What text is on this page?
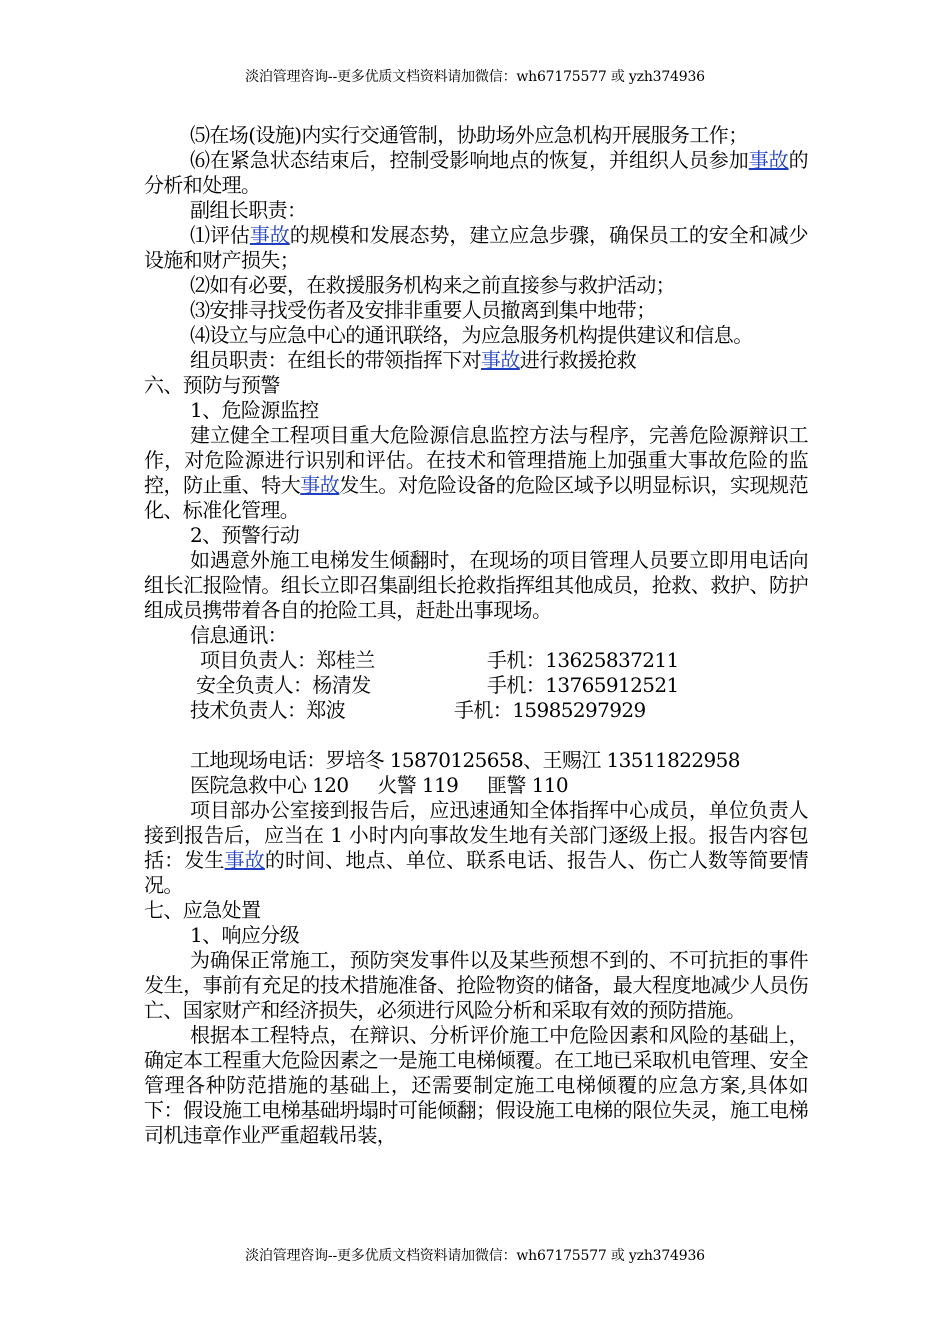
淡泊管理咨询--更多优质文档资料请加微信：wh67175577 或 yzh374936

⑸在场(设施)内实行交通管制，协助场外应急机构开展服务工作；

⑹在紧急状态结束后，控制受影响地点的恢复，并组织人员参加事故的分析和处理。

副组长职责：

⑴评估事故的规模和发展态势，建立应急步骤，确保员工的安全和减少设施和财产损失；

⑵如有必要，在救援服务机构来之前直接参与救护活动；

⑶安排寻找受伤者及安排非重要人员撤离到集中地带；

⑷设立与应急中心的通讯联络，为应急服务机构提供建议和信息。

组员职责：在组长的带领指挥下对事故进行救援抢救

六、预防与预警

1、危险源监控

建立健全工程项目重大危险源信息监控方法与程序，完善危险源辩识工作，对危险源进行识别和评估。在技术和管理措施上加强重大事故危险的监控，防止重、特大事故发生。对危险设备的危险区域予以明显标识，实现规范化、标准化管理。

2、预警行动

如遇意外施工电梯发生倾翻时，在现场的项目管理人员要立即用电话向组长汇报险情。组长立即召集副组长抢救指挥组其他成员，抢救、救护、防护组成员携带着各自的抢险工具，赶赴出事现场。

信息通讯：

项目负责人：郑桂兰	手机：13625837211
安全负责人：杨清发	手机：13765912521
技术负责人：郑波	手机：15985297929

工地现场电话：罗培冬 15870125658、王赐江 13511822958

医院急救中心 120     火警 119     匪警 110

项目部办公室接到报告后，应迅速通知全体指挥中心成员，单位负责人接到报告后，应当在 1 小时内向事故发生地有关部门逐级上报。报告内容包括：发生事故的时间、地点、单位、联系电话、报告人、伤亡人数等简要情况。

七、应急处置

1、响应分级

为确保正常施工，预防突发事件以及某些预想不到的、不可抗拒的事件发生，事前有充足的技术措施准备、抢险物资的储备，最大程度地减少人员伤亡、国家财产和经济损失，必须进行风险分析和采取有效的预防措施。

根据本工程特点，在辩识、分析评价施工中危险因素和风险的基础上，确定本工程重大危险因素之一是施工电梯倾覆。在工地已采取机电管理、安全管理各种防范措施的基础上，还需要制定施工电梯倾覆的应急方案,具体如下：假设施工电梯基础坍塌时可能倾翻；假设施工电梯的限位失灵，施工电梯司机违章作业严重超载吊装，

淡泊管理咨询--更多优质文档资料请加微信：wh67175577 或 yzh374936
